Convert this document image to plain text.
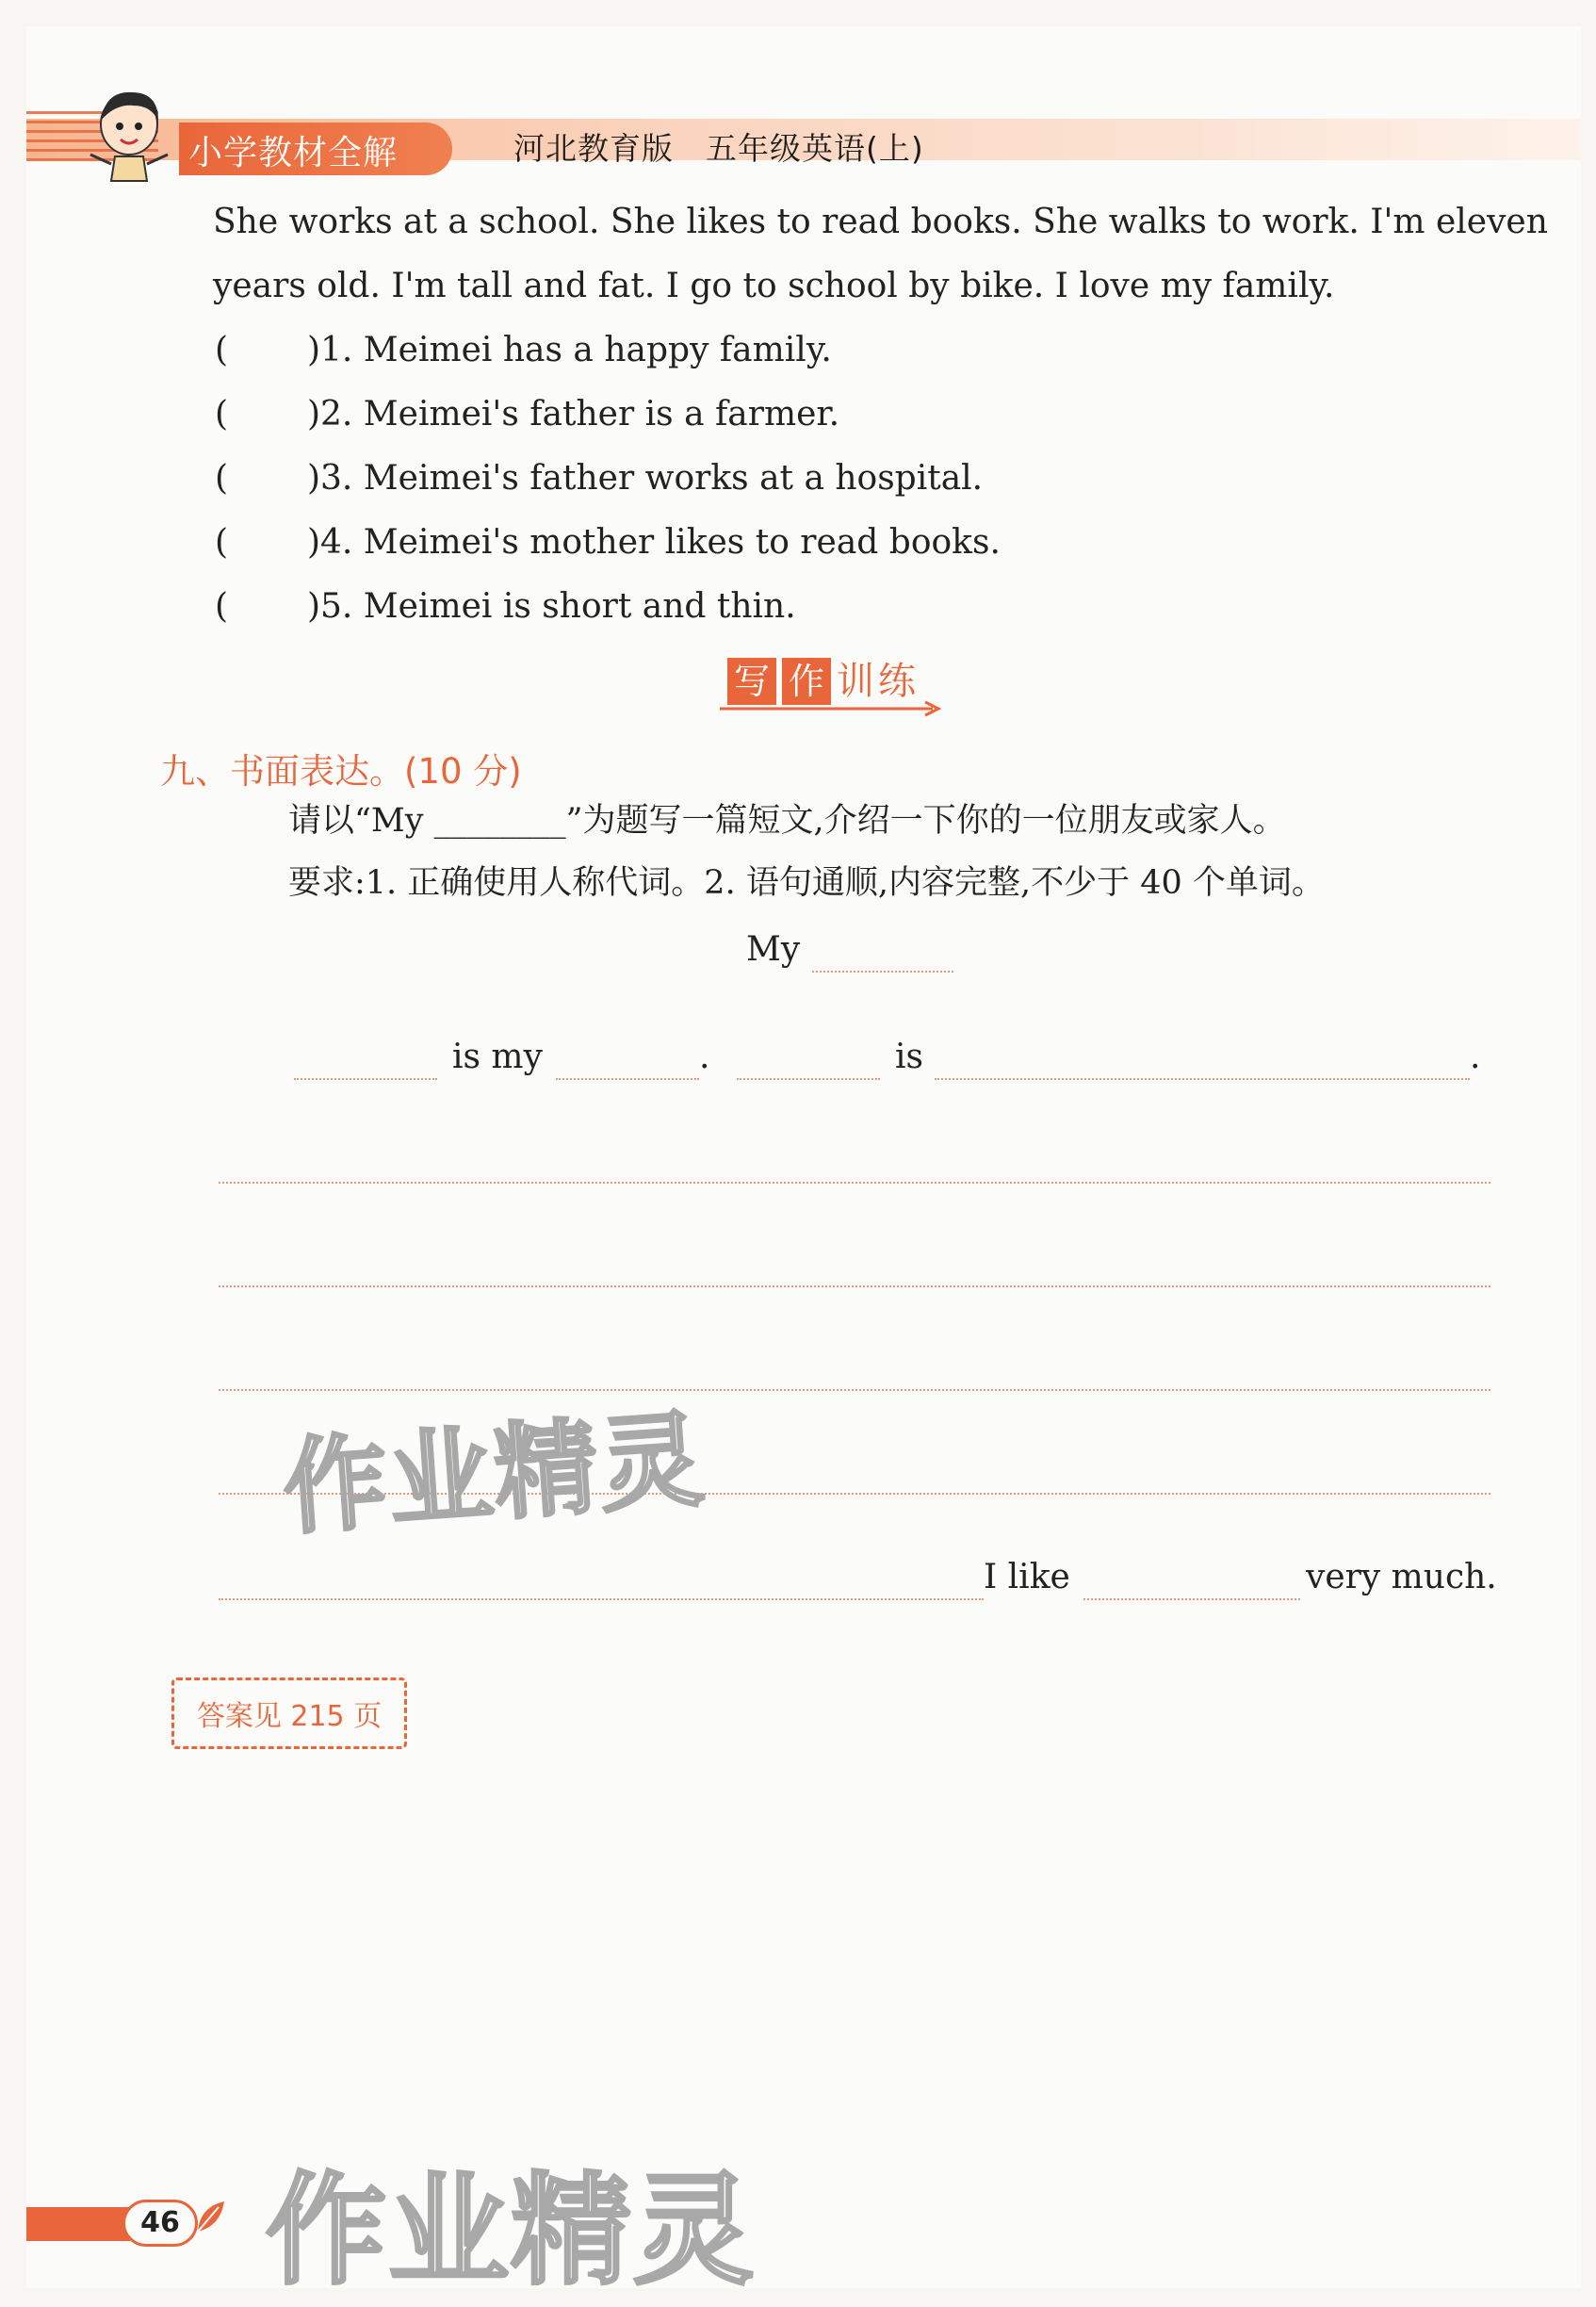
小学教材全解	河北教育版 五年级英语(上)
She works at a school. She likes to read books. She walks to work. I'm eleven
years old. I'm tall and fat. I go to school by bike. I love my family.
( ) 1. Meimei has a happy family.
( ) 2. Meimei's father is a farmer.
( ) 3. Meimei's father works at a hospital.
( ) 4. Meimei's mother likes to read books.
( ) 5. Meimei is short and thin.
写 作 训 练
九、书面表达。(10 分)
请以“My ________”为题写一篇短文,介绍一下你的一位朋友或家人。
要求:1. 正确使用人称代词。2. 语句通顺,内容完整,不少于 40 个单词。
My
is my	.	is	.
I like	very much.
答案见 215 页
作业精灵
作业精灵
46
